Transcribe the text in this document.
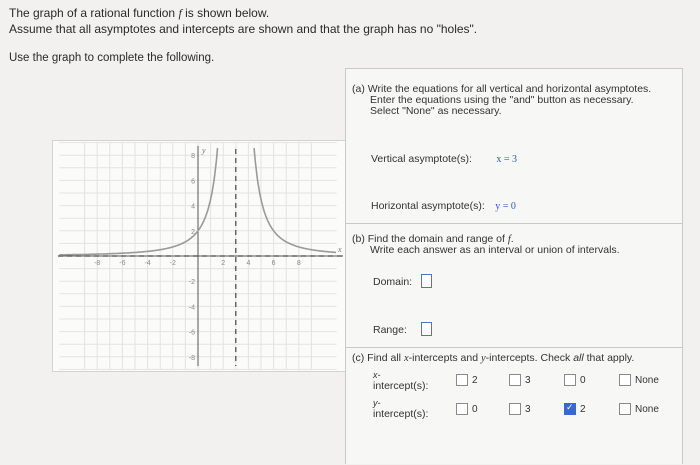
The graph of a rational function f is shown below.
Assume that all asymptotes and intercepts are shown and that the graph has no "holes".
Use the graph to complete the following.
x
y
-8	-6	-4	-2	2	4	6	8
8
6
4
2
-2
-4
-6
-8
(a) Write the equations for all vertical and horizontal asymptotes.
Enter the equations using the "and" button as necessary.
Select "None" as necessary.
Vertical asymptote(s): x = 3
Horizontal asymptote(s): y = 0
(b) Find the domain and range of f.
Write each answer as an interval or union of intervals.
Domain:
Range:
(c) Find all x-intercepts and y-intercepts. Check all that apply.
x-
intercept(s):
y-
intercept(s):
2	3	0	None
0	3
✓	2	None
